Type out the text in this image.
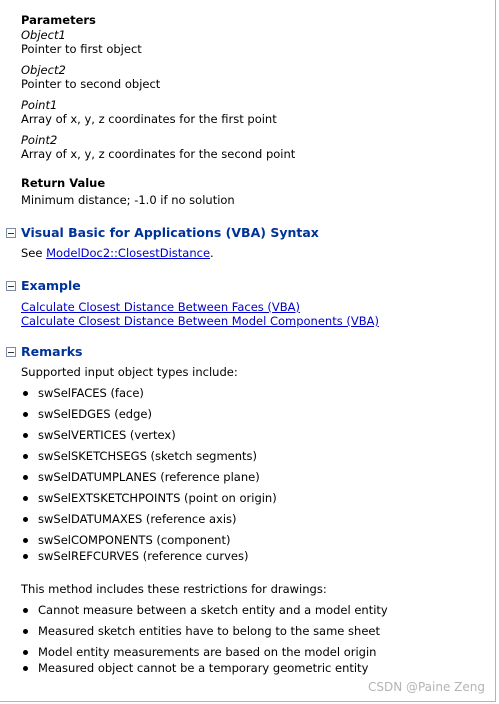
Parameters
Object1
Pointer to first object
Object2
Pointer to second object
Point1
Array of x, y, z coordinates for the first point
Point2
Array of x, y, z coordinates for the second point
Return Value
Minimum distance; -1.0 if no solution
Visual Basic for Applications (VBA) Syntax
See ModelDoc2::ClosestDistance.
Example
Calculate Closest Distance Between Faces (VBA)
Calculate Closest Distance Between Model Components (VBA)
Remarks
Supported input object types include:
swSelFACES (face)
swSelEDGES (edge)
swSelVERTICES (vertex)
swSelSKETCHSEGS (sketch segments)
swSelDATUMPLANES (reference plane)
swSelEXTSKETCHPOINTS (point on origin)
swSelDATUMAXES (reference axis)
swSelCOMPONENTS (component)
swSelREFCURVES (reference curves)
This method includes these restrictions for drawings:
Cannot measure between a sketch entity and a model entity
Measured sketch entities have to belong to the same sheet
Model entity measurements are based on the model origin
Measured object cannot be a temporary geometric entity
CSDN @Paine Zeng
